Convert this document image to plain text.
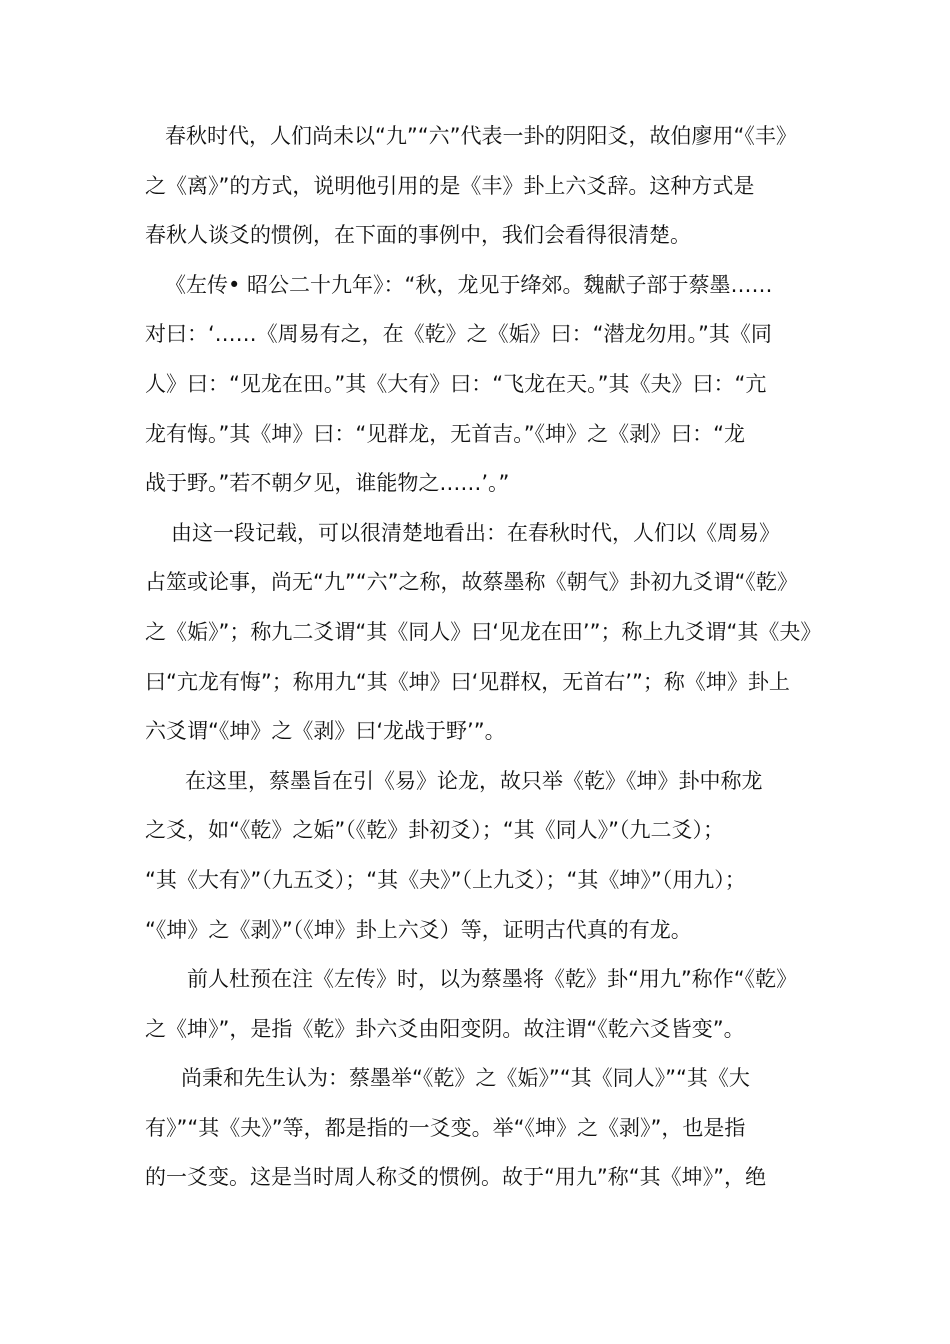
春秋时代，人们尚未以“九”“六”代表一卦的阴阳爻，故伯廖用“《丰》
之《离》”的方式，说明他引用的是《丰》卦上六爻辞。这种方式是
春秋人谈爻的惯例，在下面的事例中，我们会看得很清楚。
《左传• 昭公二十九年》：“秋，龙见于绛郊。魏献子部于蔡墨……
对曰：‘……《周易有之，在《乾》之《姤》曰：“潜龙勿用。”其《同
人》曰：“见龙在田。”其《大有》曰：“飞龙在天。”其《夬》曰：“亢
龙有悔。”其《坤》曰：“见群龙，无首吉。”《坤》之《剥》曰：“龙
战于野。”若不朝夕见，谁能物之……’。”
由这一段记载，可以很清楚地看出：在春秋时代，人们以《周易》
占筮或论事，尚无“九”“六”之称，故蔡墨称《朝气》卦初九爻谓“《乾》
之《姤》”；称九二爻谓“其《同人》曰‘见龙在田’”；称上九爻谓“其《夬》
曰“亢龙有悔”；称用九“其《坤》曰‘见群权，无首右’”；称《坤》卦上
六爻谓“《坤》之《剥》曰‘龙战于野’”。
在这里，蔡墨旨在引《易》论龙，故只举《乾》《坤》卦中称龙
之爻，如“《乾》之姤”（《乾》卦初爻）；“其《同人》”（九二爻）；
“其《大有》”（九五爻）；“其《夬》”（上九爻）；“其《坤》”（用九）；
“《坤》之《剥》”（《坤》卦上六爻）等，证明古代真的有龙。
前人杜预在注《左传》时，以为蔡墨将《乾》卦“用九”称作“《乾》
之《坤》”，是指《乾》卦六爻由阳变阴。故注谓“《乾六爻皆变”。
尚秉和先生认为：蔡墨举“《乾》之《姤》”“其《同人》”“其《大
有》”“其《夬》”等，都是指的一爻变。举“《坤》之《剥》”，也是指
的一爻变。这是当时周人称爻的惯例。故于“用九”称“其《坤》”，绝
